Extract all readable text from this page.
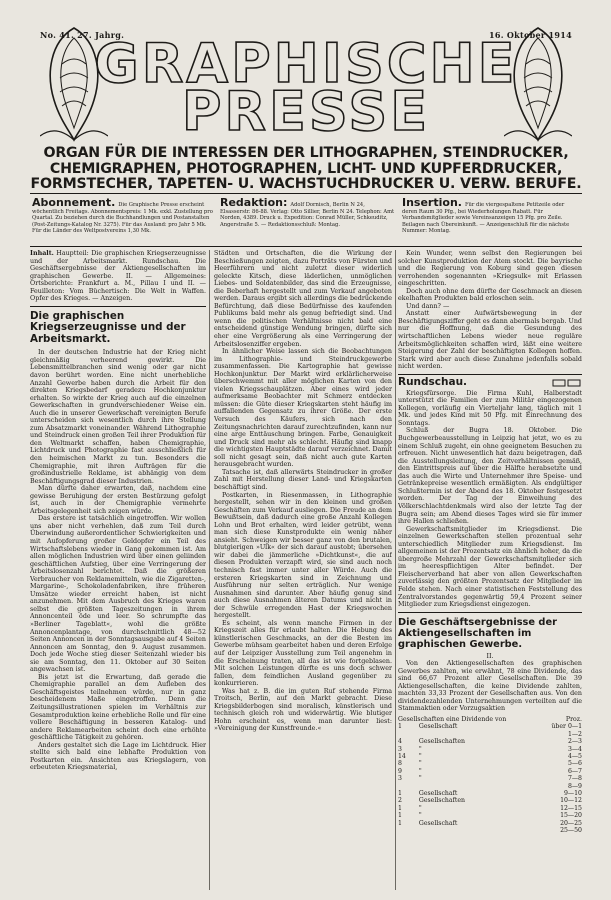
No. 41. 27. Jahrg.	16. Oktober 1914
GRAPHISCHE
PRESSE
ORGAN FÜR DIE INTERESSEN DER LITHOGRAPHEN, STEINDRUCKER, CHEMIGRAPHEN, PHOTOGRAPHEN, LICHT- UND KUPFERDRUCKER, FORMSTECHER, TAPETEN- U. WACHSTUCHDRUCKER U. VERW. BERUFE.
Abonnement. Die Graphische Presse erscheint wöchentlich Freitags. Abonnementspreis: 1 Mk. exkl. Zustellung pro Quartal. Zu beziehen durch die Buchhandlungen und Postanstalten (Post-Zeitungs-Katalog Nr. 3275). Für das Ausland: pro Jahr 5 Mk. Für die Länder des Weltpostvereins 1,30 Mk.
Redaktion: Adolf Dornisch, Berlin N 24, Elsasserstr. 86-88. Verlag: Otto Sillier, Berlin N 24. Telephon: Amt Norden, 4389. Druck u. Expedition: Conrad Müller, Schkeuditz, Angerstraße 5. — Redaktionsschluß: Montag.
Insertion. Für die viergespaltene Petitzeile oder deren Raum 30 Pfg., bei Wiederholungen Rabatt. Für Verbandsmitglieder sowie Vereinsanzeigen 15 Pfg. pro Zeile. Beilagen nach Übereinkunft. — Anzeigenschluß für die nächste Nummer: Montag.

Inhalt. Hauptteil: Die graphischen Kriegserzeugnisse und der Arbeitsmarkt. Rundschau. Die Geschäftsergebnisse der Aktiengesellschaften im graphischen Gewerbe. II. — Allgemeines: Ortsberichte: Frankfurt a. M., Pillau I und II. — Feuilleton: Vom Büchertisch: Die Welt in Waffen. Opfer des Krieges. — Anzeigen.

Die graphischen Kriegserzeugnisse und der Arbeitsmarkt.

In der deutschen Industrie hat der Krieg nicht gleichmäßig verheerend gewirkt. Die Lebensmittelbranchen sind wenig oder gar nicht davon berührt worden. Eine nicht unerhebliche Anzahl Gewerbe haben durch die Arbeit für den direkten Kriegsbedarf geradezu Hochkonjunktur erhalten. So wirkte der Krieg auch auf die einzelnen Gewerkschaften in grundverschiedener Weise ein. Auch die in unserer Gewerkschaft vereinigten Berufe unterscheiden sich wesentlich durch ihre Stellung zum Absatzmarkt voneinander. Während Lithographie und Steindruck einen großen Teil ihrer Produktion für den Weltmarkt schaffen, haben Chemigraphie, Lichtdruck und Photographie fast ausschließlich für den heimischen Markt zu tun. Besonders die Chemigraphie, mit ihren Aufträgen für die großindustrielle Reklame, ist abhängig von dem Beschäftigungsgrad dieser Industrien.

Man dürfte daher erwarten, daß, nachdem eine gewisse Beruhigung der ersten Bestürzung gefolgt ist, auch in der Chemigraphie vermehrte Arbeitsgelegenheit sich zeigen würde.

Das erstere ist tatsächlich eingetroffen. Wir wollen uns aber nicht verhehlen, daß zum Teil durch Überwindung außerordentlicher Schwierigkeiten und mit Aufopferung großer Geldopfer ein Teil des Wirtschaftslebens wieder in Gang gekommen ist. Am allen möglichen Industrien wird über einen geliinden geschäftlichen Aufstieg, über eine Verringerung der Arbeitslosenzahl berichtet. Daß die größeren Verbraucher von Reklamemitteln, wie die Zigaretten-, Margarine-, Schokoladenfabriken, ihre früheren Umsätze wieder erreicht haben, ist nicht anzunehmen. Mit dem Ausbruch des Krieges waren selbst die größten Tageszeitungen in ihrem Annoncenteil öde und leer. So schrumpfte das »Berliner Tageblatt«, wohl die größte Annoncenplantage, von durchschnittlich 48—52 Seiten Annoncen in der Sonntagsausgabe auf 4 Seiten Annoncen am Sonntag, den 9. August zusammen. Doch jede Woche stieg dieser Seitenzahl wieder bis sie am Sonntag, den 11. Oktober auf 30 Seiten angewachsen ist.

Bis jetzt ist die Erwartung, daß gerade die Chemigraphie parallel an dem Aufleben des Geschäftsgeistes teilnehmen würde, nur in ganz bescheidenem Maße eingetroffen. Denn die Zeitungsillustrationen spielen im Verhältnis zur Gesamtproduktion keine erhebliche Rolle und für eine vollere Beschäftigung in besseren Katalog- und andere Reklamearbeiten scheint doch eine erhöhte geschäftliche Tätigkeit zu gehören.

Anders gestaltet sich die Lage im Lichtdruck. Hier stellte sich bald eine lebhafte Produktion von Postkarten ein. Ansichten aus Kriegslagern, von erbeuteten Kriegsmaterial,

Städten und Ortschaften, die die Wirkung der Beschießungen zeigten, dazu Porträts von Fürsten und Heerführern und nicht zuletzt dieser widerlich geleckte Kitsch, diese läderlichen, unmöglichen Liebes- und Soldatenbilder, das sind die Erzeugnisse, die Beberhaft hergestellt und zum Verkauf angeboten werden. Daraus ergibt sich allerdings die bedrückende Befürchtung, daß diese Bedürfnisse des kaufenden Publikums bald mehr als genug befriedigt sind. Und wenn die politischen Verhältnisse nicht bald eine entscheidend günstige Wendung bringen, dürfte sich eher eine Vergrößerung als eine Verringerung der Arbeitslosenziffer ergeben.

In ähnlicher Weise lassen sich die Beobachtungen im Lithographie- und Steindruckgewerbe zusammenfassen. Die Kartographie hat gewisse Hochkonjunktur. Der Markt wird erklärlicherweise überschwemmt mit aller möglichen Karten von den vielen Kriegsschauplätzen. Aber eines wird jeder aufmerksame Beobachter mit Schmerz entdecken müssen: die Güte dieser Kriegskarten steht häufig im auffallenden Gegensatz zu ihrer Größe. Der erste Versuch des Käufers, sich nach den Zeitungsnachrichten darauf zurechtzufinden, kann nur eine arge Enttäuschung bringen. Farbe, Genauigkeit und Druck sind mehr als schlecht. Häufig sind knapp die wichtigsten Hauptstädte darauf verzeichnet. Damit soll nicht gesagt sein, daß nicht auch gute Karten herausgebracht wurden.

Tatsache ist, daß allerwärts Steindrucker in großer Zahl mit Herstellung dieser Land- und Kriegskarten beschäftigt sind.

Postkarten, in Riesenmassen, in Lithographie hergestellt, sehen wir in den kleinen und großen Geschäften zum Verkauf ausliegen. Die Freude an dem Bewußtsein, daß dadurch eine große Anzahl Kollegen Lohn und Brot erhalten, wird leider getrübt, wenn man sich diese Kunstprodukte ein wenig näher ansieht. Schweigen wir besser ganz von den brutalen, blutgierigen »Ulk« der sich darauf austobt; übersehen wir dabei die jämmerliche »Dichtkunst«, die auf diesen Produkten verzapft wird, sie sind auch noch technisch fast immer unter aller Würde. Auch die ersteren Kriegskarten sind in Zeichnung und Ausführung nur selten erträglich. Nur wenige Ausnahmen sind darunter. Aber häufig genug sind auch diese Ausnahmen älteren Datums und nicht in der Schwüle erregenden Hast der Kriegswochen hergestellt.

Es scheint, als wenn manche Firmen in der Kriegszeit alles für erlaubt halten. Die Hebung des künstlerischen Geschmacks, an der die Besten im Gewerbe mühsam gearbeitet haben und deren Erfolge auf der Leipziger Ausstellung zum Teil angenehm in die Erscheinung traten, all das ist wie fortgeblasen. Mit solchen Leistungen dürfte es uns doch schwer fallen, dem feindlichen Ausland gegenüber zu konkurrieren.

Was hat z. B. die im guten Ruf stehende Firma Troitsch, Berlin, auf den Markt gebracht. Diese Kriegsbilderbogen sind moralisch, künstlerisch und technisch gleich roh und widerwärtig. Wie blutiger Hohn erscheint es, wenn man darunter liest: »Vereinigung der Kunstfreunde.«

Kein Wunder, wenn selbst den Regierungen bei solcher Kunstproduktion der Atem stockt. Die bayrische und die Regierung von Koburg sind gegen diesen verrohenden sogenannten »Kriegsulk« mit Erlassen eingeschritten.

Doch auch ohne dem dürfte der Geschmack an diesen ekelhaften Produkten bald erloschen sein.

Und dann? —

Anstatt einer Aufwärtsbewegung in der Beschäftigungsziffer geht es dann abermals bergab. Und nur die Hoffnung, daß die Gesundung des wirtschaftlichen Lebens wieder neue reguläre Arbeitsmöglichkeiten schaffen wird, läßt eine weitere Steigerung der Zahl der beschäftigten Kollegen hoffen. Stark wird aber auch diese Zunahme jedenfalls sobald nicht werden.

Rundschau.

Kriegsfürsorge. Die Firma Kuhl, Halberstadt unterstützt die Familien der zum Militär eingezogenen Kollegen, vorläufig ein Vierteljahr lang, täglich mit 1 Mk. und jedes Kind mit 50 Pfg. mit Einrechnung des Sonntags.

Schluß der Bugra 18. Oktober. Die Buchgewerbeausstellung in Leipzig hat jetzt, wo es zu einem Schluß zugeht, ein ohne geeignetem Besuchen zu erfreuen. Nicht unwesentlich hat dazu beigetragen, daß die Ausstellungsleitung, den Zeitverhältnissen gemäß, den Eintrittspreis auf über die Hälfte herabsetzte und das auch die Wirte und Unternehmer ihre Speise- und Getränkepreise wesentlich ermäßigten. Als endgültiger Schlußtermin ist der Abend des 18. Oktober festgesetzt worden. Der Tag der Einweihung des Völkerschlachtdenkmals wird also der letzte Tag der Bugra sein; am Abend dieses Tages wird sie für immer ihre Hallen schließen.

Gewerkschaftsmitglieder im Kriegsdienst. Die einzelnen Gewerkschaften stellen prozentual sehr unterschiedlich Mitglieder zum Kriegsdienst. Im allgemeinen ist der Prozentsatz ein ähnlich hoher, da die übergroße Mehrzahl der Gewerkschaftsmitglieder sich im heerespflichtigen Alter befindet. Der Fleischerverband hat aber von allen Gewerkschaften zuverlässig den größten Prozentsatz der Mitglieder im Felde stehen. Nach einer statistischen Feststellung des Zentralvorstandes gegenwärtig 59,4 Prozent seiner Mitglieder zum Kriegsdienst eingezogen.

Die Geschäftsergebnisse der Aktiengesellschaften im graphischen Gewerbe.

II.

Von den Aktiengesellschaften des graphischen Gewerbes zahlten, wie erwähnt, 78 eine Dividende, das sind 66,67 Prozent aller Gesellschaften. Die 39 Aktiengesellschaften, die keine Dividende zahlten, machten 33,33 Prozent der Gesellschaften aus. Von den dividendezahlenden Unternehmungen verteilten auf die Stammaktien oder Vorzugsaktien

Gesellschaften eine Dividende von		Proz.
1	Gesellschaft	über 0—1
		1—2
4	Gesellschaften	2—3
3	"	3—4
14	"	4—5
8	"	5—6
9	"	6—7
3	"	7—8
		8—9
1	Gesellschaft	9—10
2	Gesellschaften	10—12
1	"	12—15
1	"	15—20
1	Gesellschaft	20—25
		25—50
